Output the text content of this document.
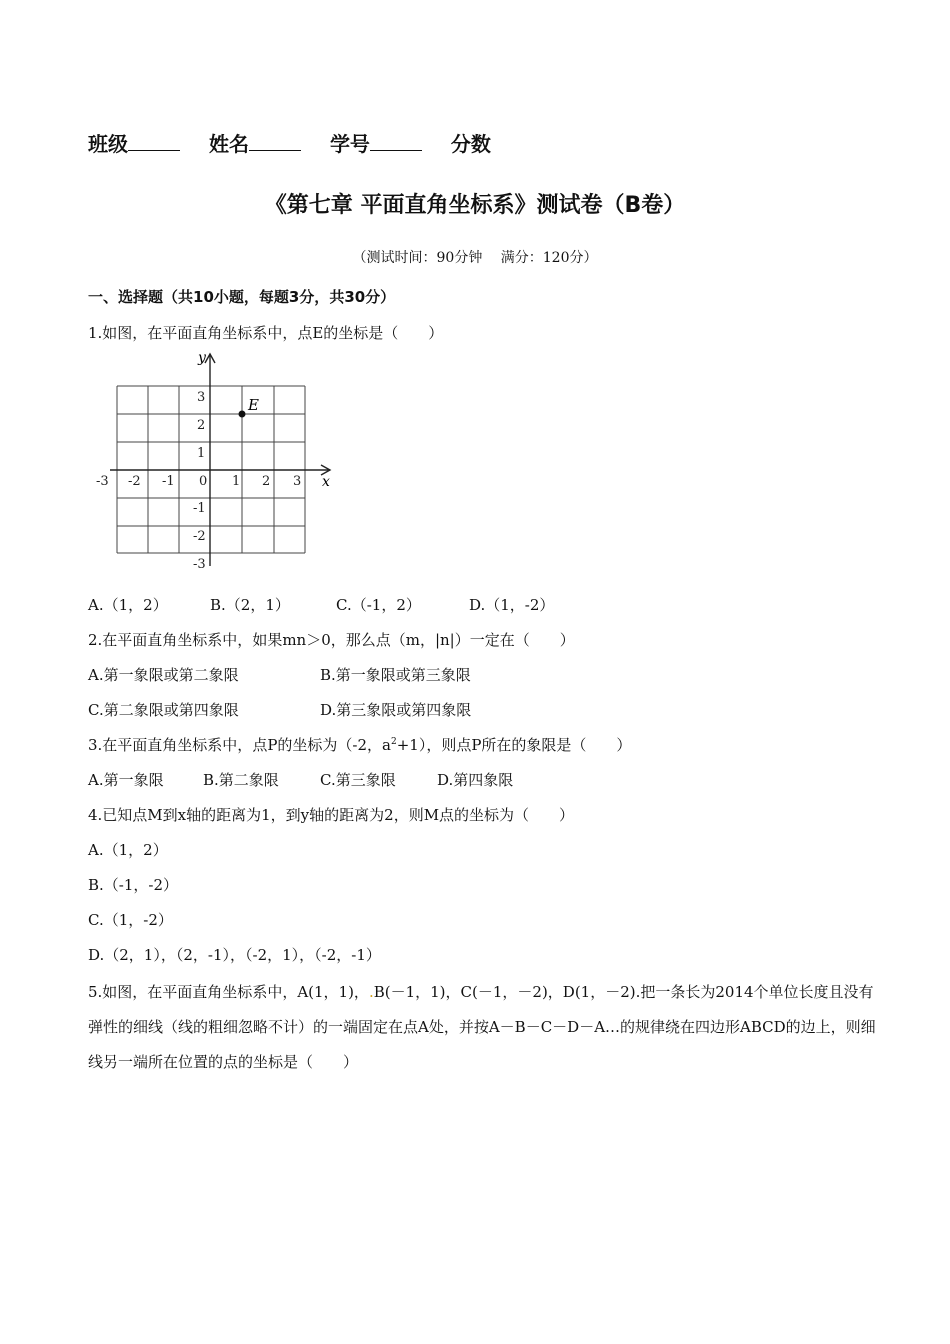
班级	姓名	学号	分数
《第七章 平面直角坐标系》测试卷（B卷）
（测试时间：90分钟　 满分：120分）
一、选择题（共10小题，每题3分，共30分）
1.如图，在平面直角坐标系中，点E的坐标是（　　）
E
y
x
-3 -2 -1 0 1 2 3
3
2
1
-1
-2
-3
A.（1，2）	B.（2，1）	C.（-1，2）	D.（1，-2）
2.在平面直角坐标系中，如果mn＞0，那么点（m，|n|）一定在（　　）
A.第一象限或第二象限	B.第一象限或第三象限
C.第二象限或第四象限	D.第三象限或第四象限
3.在平面直角坐标系中，点P的坐标为（-2，$a^2+1$），则点P所在的象限是（　　）
A.第一象限	B.第二象限	C.第三象限	D.第四象限
4.已知点M到x轴的距离为1，到y轴的距离为2，则M点的坐标为（　　）
A.（1，2）
B.（-1，-2）
C.（1，-2）
D.（2，1），（2，-1），（-2，1），（-2，-1）
5.如图，在平面直角坐标系中，A(1，1)，.B(－1，1)，C(－1，－2)，D(1，－2).把一条长为2014个单位长度且没有弹性的细线（线的粗细忽略不计）的一端固定在点A处，并按A－B－C－D－A…的规律绕在四边形ABCD的边上，则细线另一端所在位置的点的坐标是（　　）
